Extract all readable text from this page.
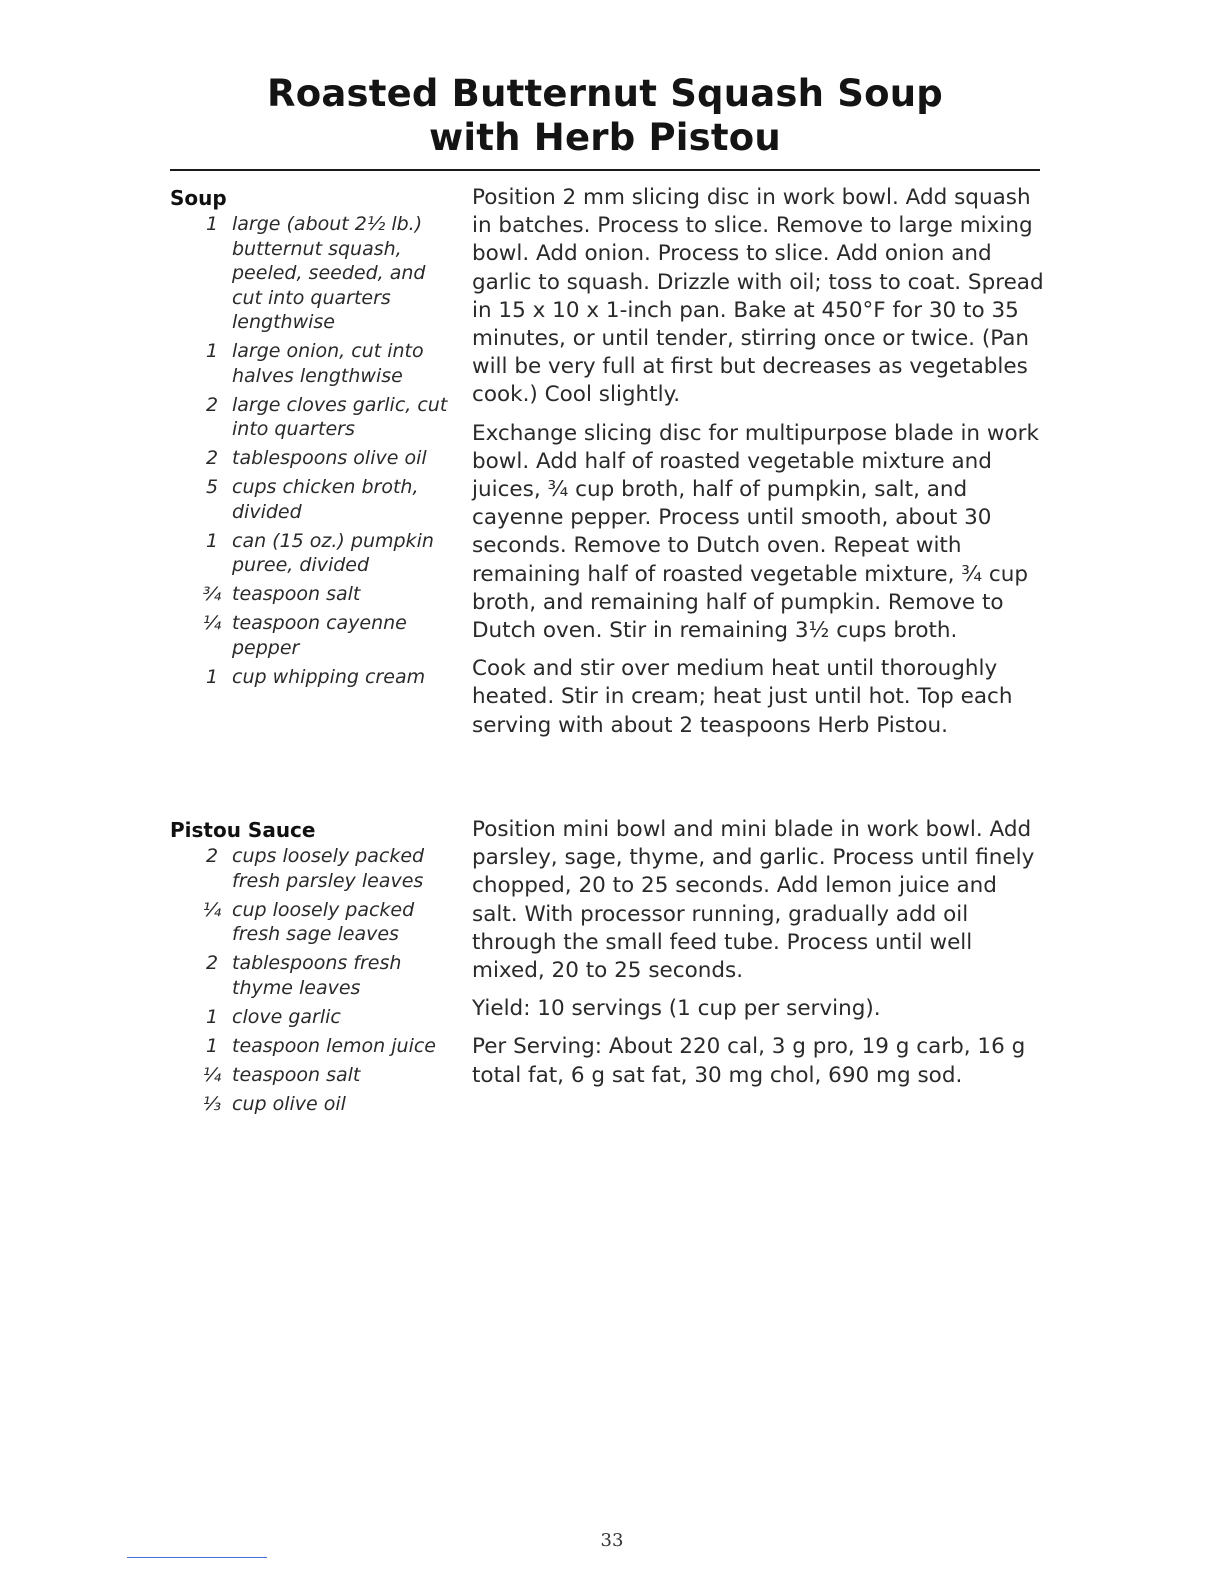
Roasted Butternut Squash Soup
with Herb Pistou
Soup
1 large (about 2½ lb.) butternut squash, peeled, seeded, and cut into quarters lengthwise
1 large onion, cut into halves lengthwise
2 large cloves garlic, cut into quarters
2 tablespoons olive oil
5 cups chicken broth, divided
1 can (15 oz.) pumpkin puree, divided
¾ teaspoon salt
¼ teaspoon cayenne pepper
1 cup whipping cream

Position 2 mm slicing disc in work bowl. Add squash in batches. Process to slice. Remove to large mixing bowl. Add onion. Process to slice. Add onion and garlic to squash. Drizzle with oil; toss to coat. Spread in 15 x 10 x 1-inch pan. Bake at 450°F for 30 to 35 minutes, or until tender, stirring once or twice. (Pan will be very full at first but decreases as vegetables cook.) Cool slightly.

Exchange slicing disc for multipurpose blade in work bowl. Add half of roasted vegetable mixture and juices, ¾ cup broth, half of pumpkin, salt, and cayenne pepper. Process until smooth, about 30 seconds. Remove to Dutch oven. Repeat with remaining half of roasted vegetable mixture, ¾ cup broth, and remaining half of pumpkin. Remove to Dutch oven. Stir in remaining 3½ cups broth.

Cook and stir over medium heat until thoroughly heated. Stir in cream; heat just until hot. Top each serving with about 2 teaspoons Herb Pistou.

Pistou Sauce
2 cups loosely packed fresh parsley leaves
¼ cup loosely packed fresh sage leaves
2 tablespoons fresh thyme leaves
1 clove garlic
1 teaspoon lemon juice
¼ teaspoon salt
⅓ cup olive oil

Position mini bowl and mini blade in work bowl. Add parsley, sage, thyme, and garlic. Process until finely chopped, 20 to 25 seconds. Add lemon juice and salt. With processor running, gradually add oil through the small feed tube. Process until well mixed, 20 to 25 seconds.

Yield: 10 servings (1 cup per serving).

Per Serving: About 220 cal, 3 g pro, 19 g carb, 16 g total fat, 6 g sat fat, 30 mg chol, 690 mg sod.

33
